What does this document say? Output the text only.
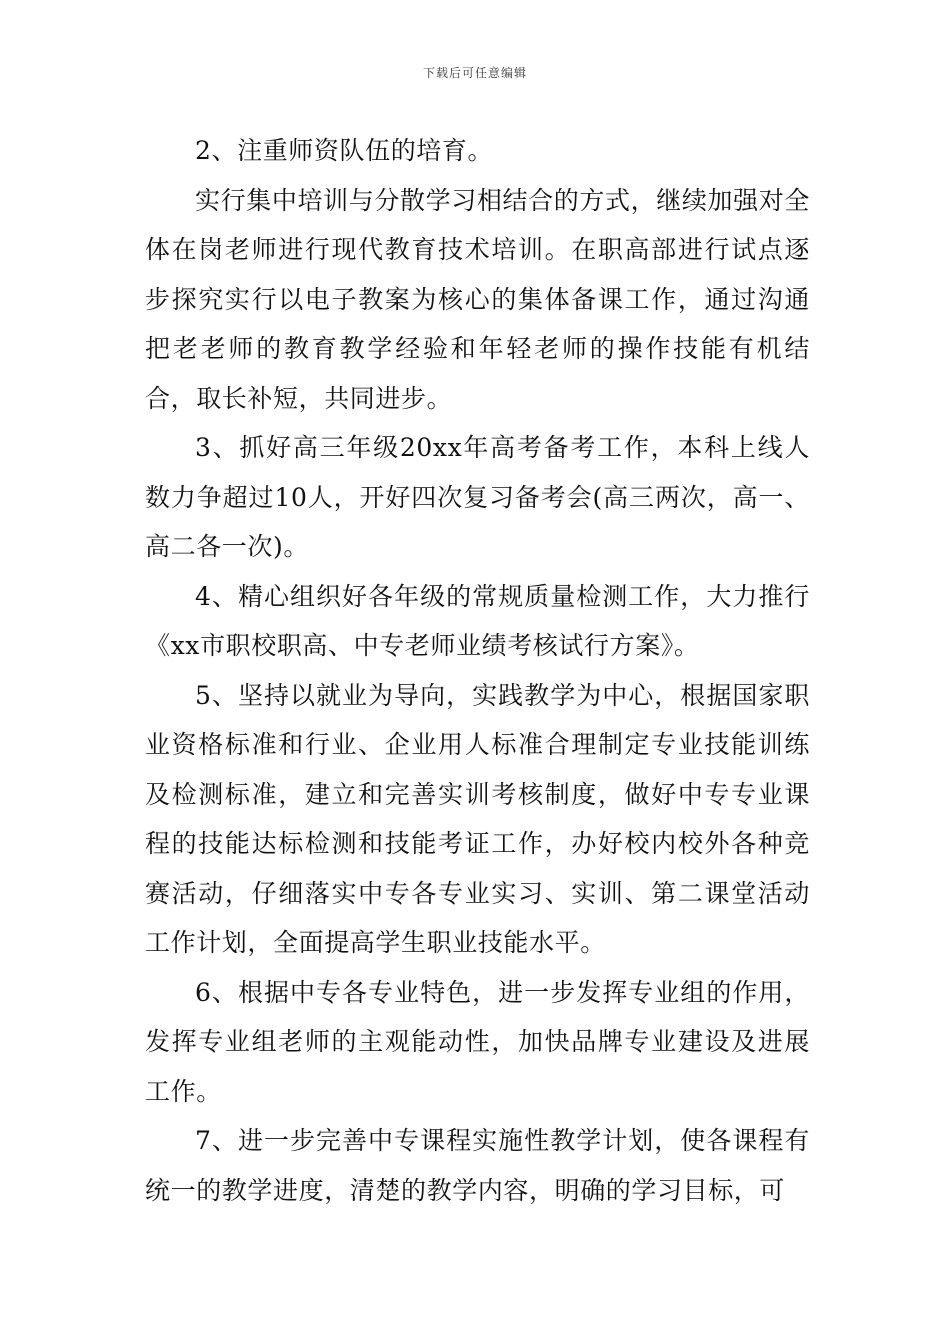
下载后可任意编辑

2、注重师资队伍的培育。

实行集中培训与分散学习相结合的方式，继续加强对全体在岗老师进行现代教育技术培训。在职高部进行试点逐步探究实行以电子教案为核心的集体备课工作，通过沟通把老老师的教育教学经验和年轻老师的操作技能有机结合，取长补短，共同进步。

3、抓好高三年级20xx年高考备考工作，本科上线人数力争超过10人，开好四次复习备考会(高三两次，高一、高二各一次)。

4、精心组织好各年级的常规质量检测工作，大力推行《xx市职校职高、中专老师业绩考核试行方案》。

5、坚持以就业为导向，实践教学为中心，根据国家职业资格标准和行业、企业用人标准合理制定专业技能训练及检测标准，建立和完善实训考核制度，做好中专专业课程的技能达标检测和技能考证工作，办好校内校外各种竞赛活动，仔细落实中专各专业实习、实训、第二课堂活动工作计划，全面提高学生职业技能水平。

6、根据中专各专业特色，进一步发挥专业组的作用，发挥专业组老师的主观能动性，加快品牌专业建设及进展工作。

7、进一步完善中专课程实施性教学计划，使各课程有统一的教学进度，清楚的教学内容，明确的学习目标，可
